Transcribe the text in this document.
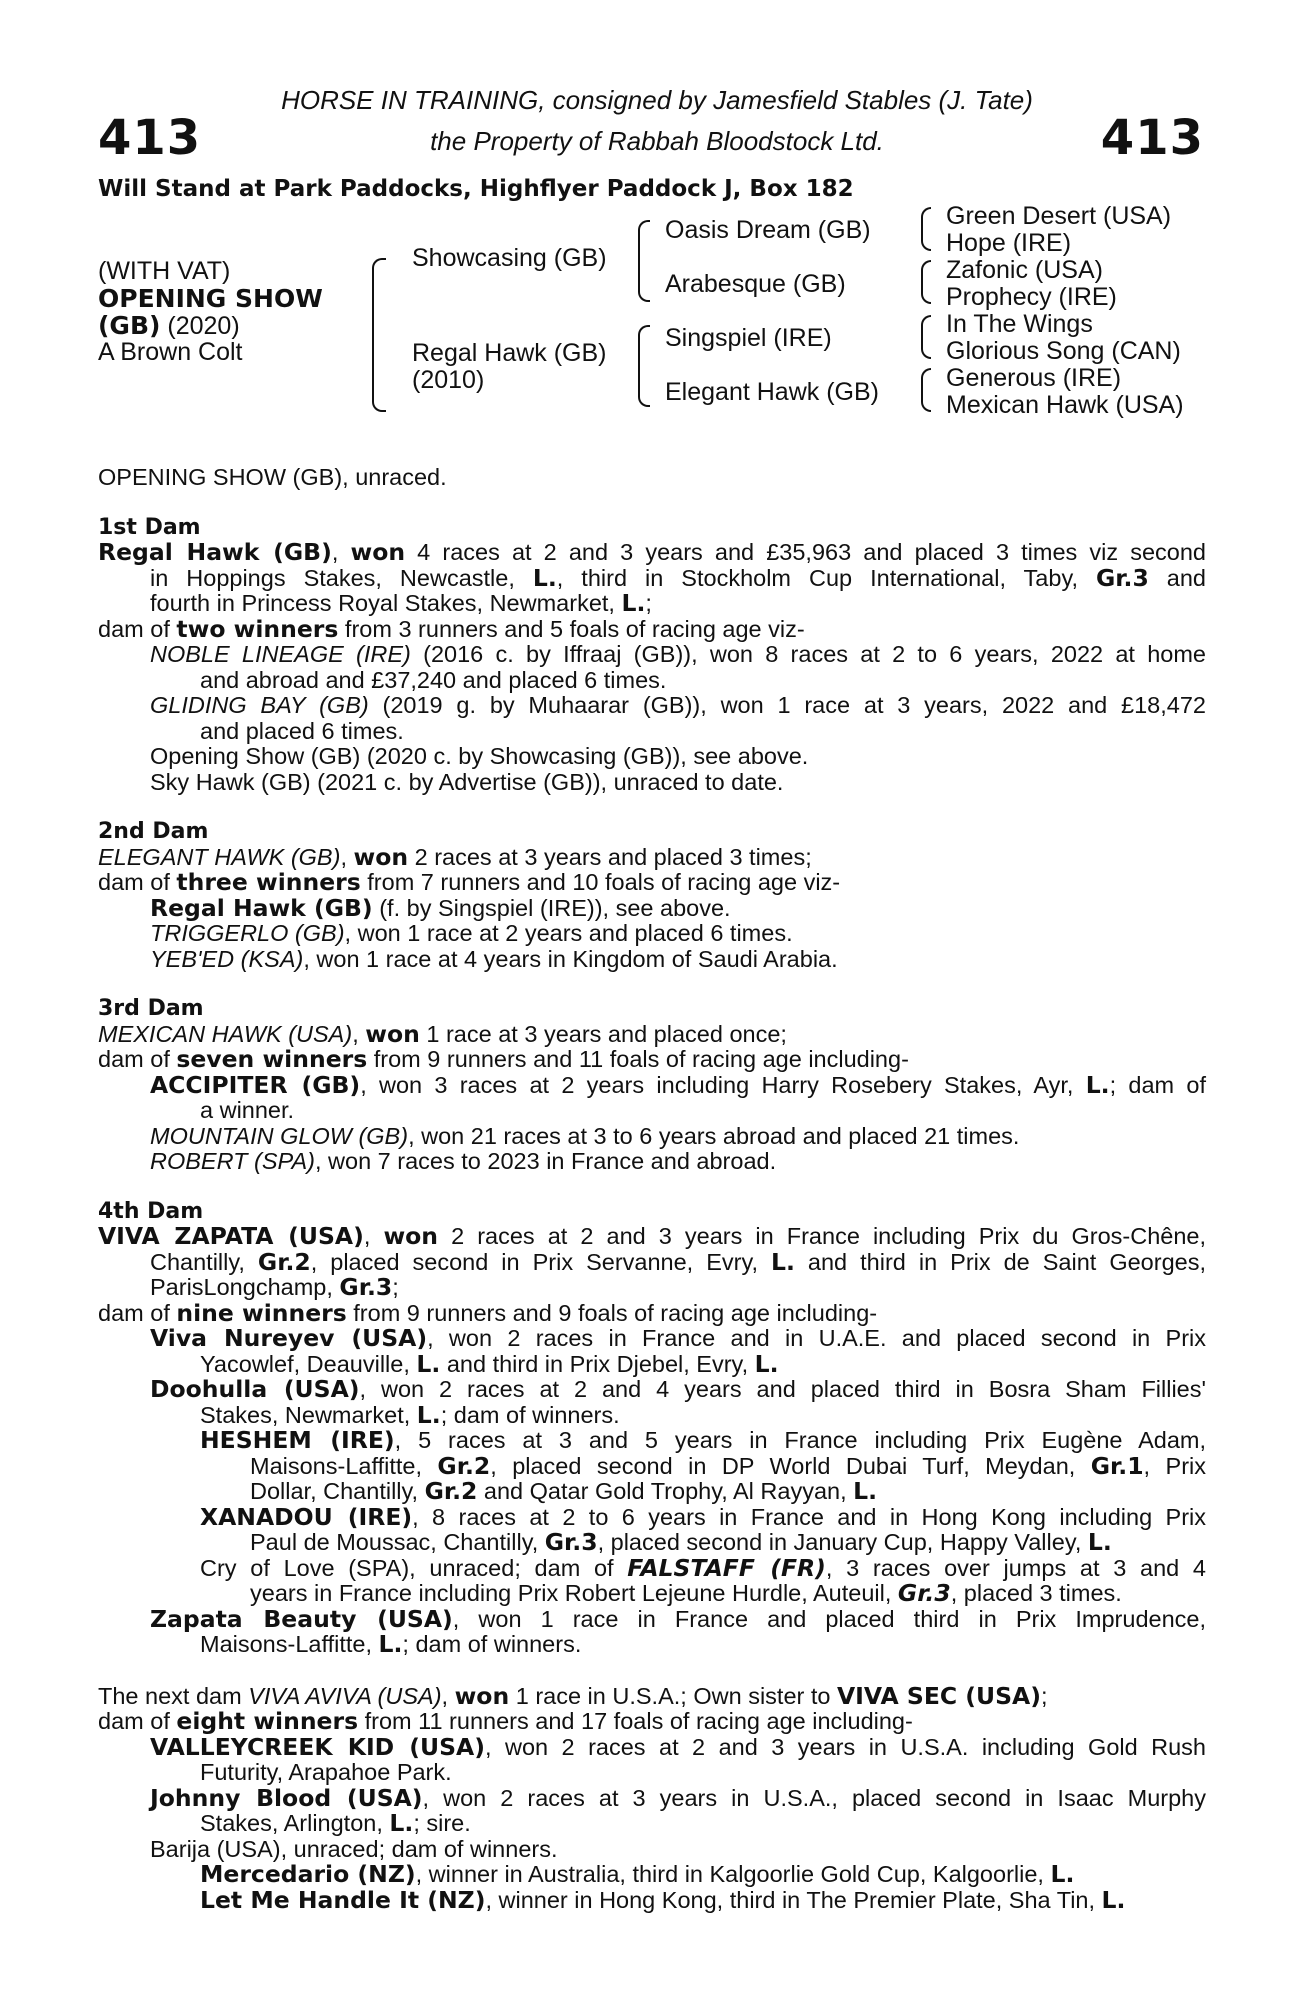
413	413
HORSE IN TRAINING, consigned by Jamesfield Stables (J. Tate)
the Property of Rabbah Bloodstock Ltd.
Will Stand at Park Paddocks, Highflyer Paddock J, Box 182
(WITH VAT)
OPENING SHOW
(GB) (2020)
A Brown Colt
Showcasing (GB)
Regal Hawk (GB)
(2010)
Oasis Dream (GB)
Arabesque (GB)
Singspiel (IRE)
Elegant Hawk (GB)
Green Desert (USA)
Hope (IRE)
Zafonic (USA)
Prophecy (IRE)
In The Wings
Glorious Song (CAN)
Generous (IRE)
Mexican Hawk (USA)
OPENING SHOW (GB), unraced.
1st Dam
Regal Hawk (GB), won 4 races at 2 and 3 years and £35,963 and placed 3 times viz second
in Hoppings Stakes, Newcastle, L., third in Stockholm Cup International, Taby, Gr.3 and
fourth in Princess Royal Stakes, Newmarket, L.;
dam of two winners from 3 runners and 5 foals of racing age viz-
NOBLE LINEAGE (IRE) (2016 c. by Iffraaj (GB)), won 8 races at 2 to 6 years, 2022 at home
and abroad and £37,240 and placed 6 times.
GLIDING BAY (GB) (2019 g. by Muhaarar (GB)), won 1 race at 3 years, 2022 and £18,472
and placed 6 times.
Opening Show (GB) (2020 c. by Showcasing (GB)), see above.
Sky Hawk (GB) (2021 c. by Advertise (GB)), unraced to date.
2nd Dam
ELEGANT HAWK (GB), won 2 races at 3 years and placed 3 times;
dam of three winners from 7 runners and 10 foals of racing age viz-
Regal Hawk (GB) (f. by Singspiel (IRE)), see above.
TRIGGERLO (GB), won 1 race at 2 years and placed 6 times.
YEB'ED (KSA), won 1 race at 4 years in Kingdom of Saudi Arabia.
3rd Dam
MEXICAN HAWK (USA), won 1 race at 3 years and placed once;
dam of seven winners from 9 runners and 11 foals of racing age including-
ACCIPITER (GB), won 3 races at 2 years including Harry Rosebery Stakes, Ayr, L.; dam of
a winner.
MOUNTAIN GLOW (GB), won 21 races at 3 to 6 years abroad and placed 21 times.
ROBERT (SPA), won 7 races to 2023 in France and abroad.
4th Dam
VIVA ZAPATA (USA), won 2 races at 2 and 3 years in France including Prix du Gros-Chêne,
Chantilly, Gr.2, placed second in Prix Servanne, Evry, L. and third in Prix de Saint Georges,
ParisLongchamp, Gr.3;
dam of nine winners from 9 runners and 9 foals of racing age including-
Viva Nureyev (USA), won 2 races in France and in U.A.E. and placed second in Prix
Yacowlef, Deauville, L. and third in Prix Djebel, Evry, L.
Doohulla (USA), won 2 races at 2 and 4 years and placed third in Bosra Sham Fillies'
Stakes, Newmarket, L.; dam of winners.
HESHEM (IRE), 5 races at 3 and 5 years in France including Prix Eugène Adam,
Maisons-Laffitte, Gr.2, placed second in DP World Dubai Turf, Meydan, Gr.1, Prix
Dollar, Chantilly, Gr.2 and Qatar Gold Trophy, Al Rayyan, L.
XANADOU (IRE), 8 races at 2 to 6 years in France and in Hong Kong including Prix
Paul de Moussac, Chantilly, Gr.3, placed second in January Cup, Happy Valley, L.
Cry of Love (SPA), unraced; dam of FALSTAFF (FR), 3 races over jumps at 3 and 4
years in France including Prix Robert Lejeune Hurdle, Auteuil, Gr.3, placed 3 times.
Zapata Beauty (USA), won 1 race in France and placed third in Prix Imprudence,
Maisons-Laffitte, L.; dam of winners.
The next dam VIVA AVIVA (USA), won 1 race in U.S.A.; Own sister to VIVA SEC (USA);
dam of eight winners from 11 runners and 17 foals of racing age including-
VALLEYCREEK KID (USA), won 2 races at 2 and 3 years in U.S.A. including Gold Rush
Futurity, Arapahoe Park.
Johnny Blood (USA), won 2 races at 3 years in U.S.A., placed second in Isaac Murphy
Stakes, Arlington, L.; sire.
Barija (USA), unraced; dam of winners.
Mercedario (NZ), winner in Australia, third in Kalgoorlie Gold Cup, Kalgoorlie, L.
Let Me Handle It (NZ), winner in Hong Kong, third in The Premier Plate, Sha Tin, L.
